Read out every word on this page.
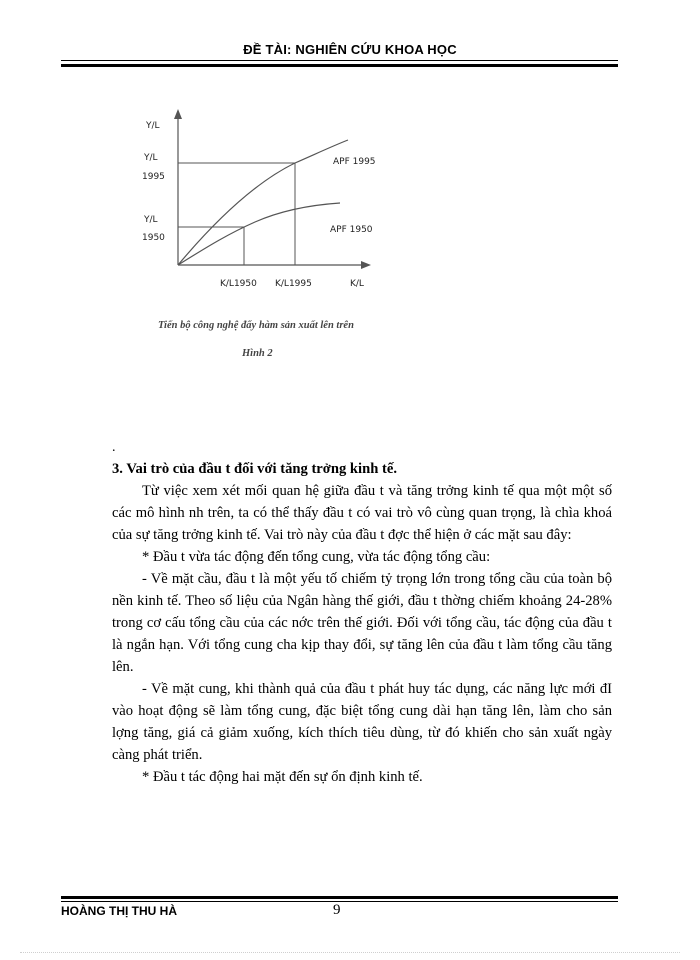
ĐỀ TÀI: NGHIÊN CỨU KHOA HỌC
Y/L
Y/L
1995
Y/L
1950
APF 1995
APF 1950
K/L1950 K/L1995	K/L
Tiến bộ công nghệ đẩy hàm sản xuất lên trên
Hình 2
.

3. Vai trò của đầu t đối với tăng trởng kinh tế.

Từ việc xem xét mối quan hệ giữa đầu t và tăng trởng kinh tế qua một một số các mô hình nh trên, ta có thể thấy đầu t có vai trò vô cùng quan trọng, là chìa khoá của sự tăng trởng kinh tế. Vai trò này của đầu t đợc thể hiện ở các mặt sau đây:

* Đầu t vừa tác động đến tổng cung, vừa tác động tổng cầu:

- Về mặt cầu, đầu t là một yếu tố chiếm tỷ trọng lớn trong tổng cầu của toàn bộ nền kinh tế. Theo số liệu của Ngân hàng thế giới, đầu t thờng chiếm khoảng 24-28% trong cơ cấu tổng cầu của các nớc trên thế giới. Đối với tổng cầu, tác động của đầu t là ngắn hạn. Với tổng cung cha kịp thay đổi, sự tăng lên của đầu t làm tổng cầu tăng lên.

- Về mặt cung, khi thành quả của đầu t phát huy tác dụng, các năng lực mới đI vào hoạt động sẽ làm tổng cung, đặc biệt tổng cung dài hạn tăng lên, làm cho sản lợng tăng, giá cả giảm xuống, kích thích tiêu dùng, từ đó khiến cho sản xuất ngày càng phát triển.

* Đầu t tác động hai mặt đến sự ổn định kinh tế.

HOÀNG THỊ THU HÀ	9
